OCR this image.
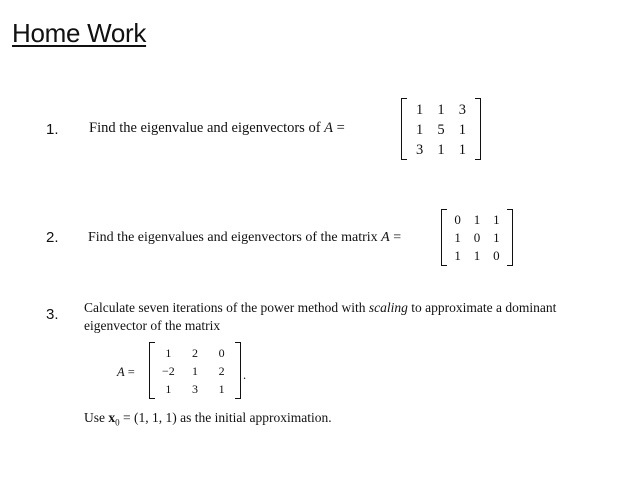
Home Work
1. Find the eigenvalue and eigenvectors of A =
1 1 3
1 5 1
3 1 1
2. Find the eigenvalues and eigenvectors of the matrix A =
0 1 1
1 0 1
1 1 0
3. Calculate seven iterations of the power method with scaling to approximate a dominant
eigenvector of the matrix
A =
1	2	0
−2	1	2
1	3	1
.
Use $x_0 = (1$, 1, 1) as the initial approximation.
